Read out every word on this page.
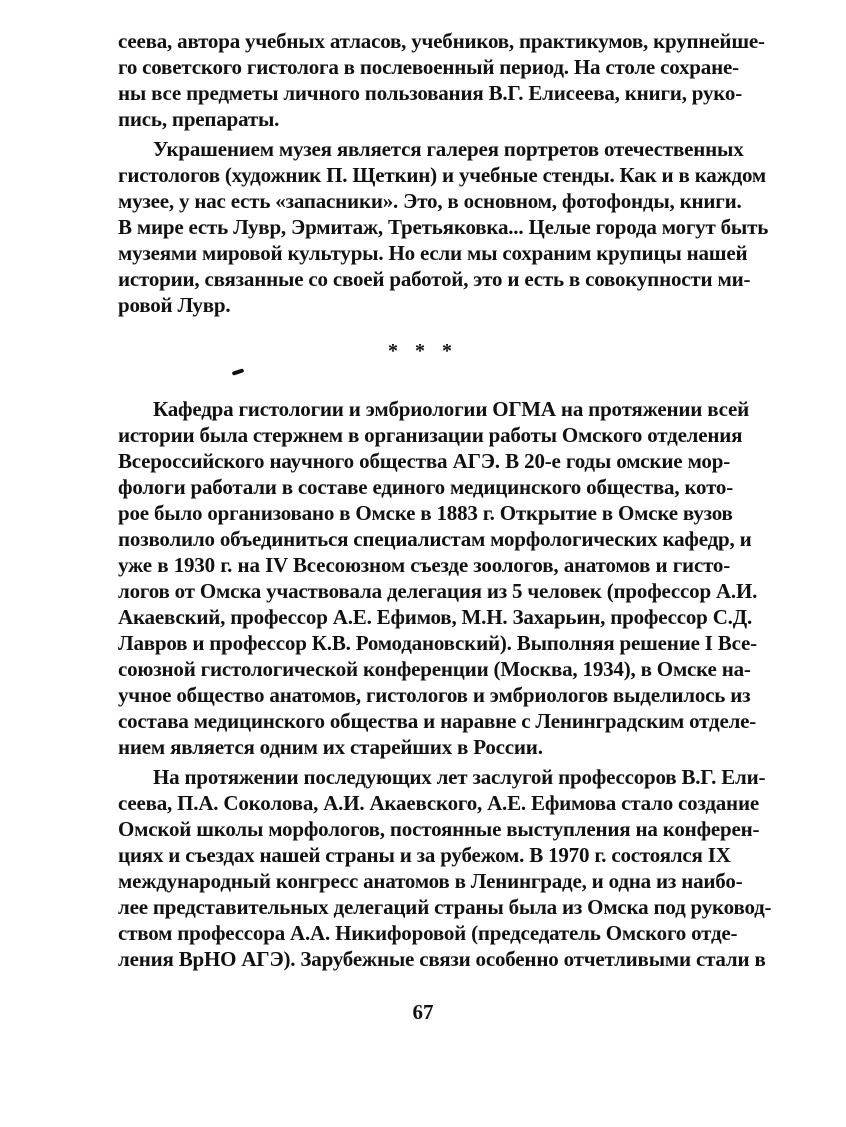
сеева, автора учебных атласов, учебников, практикумов, крупнейше-
го советского гистолога в послевоенный период. На столе сохране-
ны все предметы личного пользования В.Г. Елисеева, книги, руко-
пись, препараты.
Украшением музея является галерея портретов отечественных
гистологов (художник П. Щеткин) и учебные стенды. Как и в каждом
музее, у нас есть «запасники». Это, в основном, фотофонды, книги.
В мире есть Лувр, Эрмитаж, Третьяковка... Целые города могут быть
музеями мировой культуры. Но если мы сохраним крупицы нашей
истории, связанные со своей работой, это и есть в совокупности ми-
ровой Лувр.
* * *
Кафедра гистологии и эмбриологии ОГМА на протяжении всей
истории была стержнем в организации работы Омского отделения
Всероссийского научного общества АГЭ. В 20-е годы омские мор-
фологи работали в составе единого медицинского общества, кото-
рое было организовано в Омске в 1883 г. Открытие в Омске вузов
позволило объединиться специалистам морфологических кафедр, и
уже в 1930 г. на IV Всесоюзном съезде зоологов, анатомов и гисто-
логов от Омска участвовала делегация из 5 человек (профессор А.И.
Акаевский, профессор А.Е. Ефимов, М.Н. Захарьин, профессор С.Д.
Лавров и профессор К.В. Ромодановский). Выполняя решение I Все-
союзной гистологической конференции (Москва, 1934), в Омске на-
учное общество анатомов, гистологов и эмбриологов выделилось из
состава медицинского общества и наравне с Ленинградским отделе-
нием является одним их старейших в России.
На протяжении последующих лет заслугой профессоров В.Г. Ели-
сеева, П.А. Соколова, А.И. Акаевского, А.Е. Ефимова стало создание
Омской школы морфологов, постоянные выступления на конферен-
циях и съездах нашей страны и за рубежом. В 1970 г. состоялся IX
международный конгресс анатомов в Ленинграде, и одна из наибо-
лее представительных делегаций страны была из Омска под руковод-
ством профессора А.А. Никифоровой (председатель Омского отде-
ления ВрНО АГЭ). Зарубежные связи особенно отчетливыми стали в
67
